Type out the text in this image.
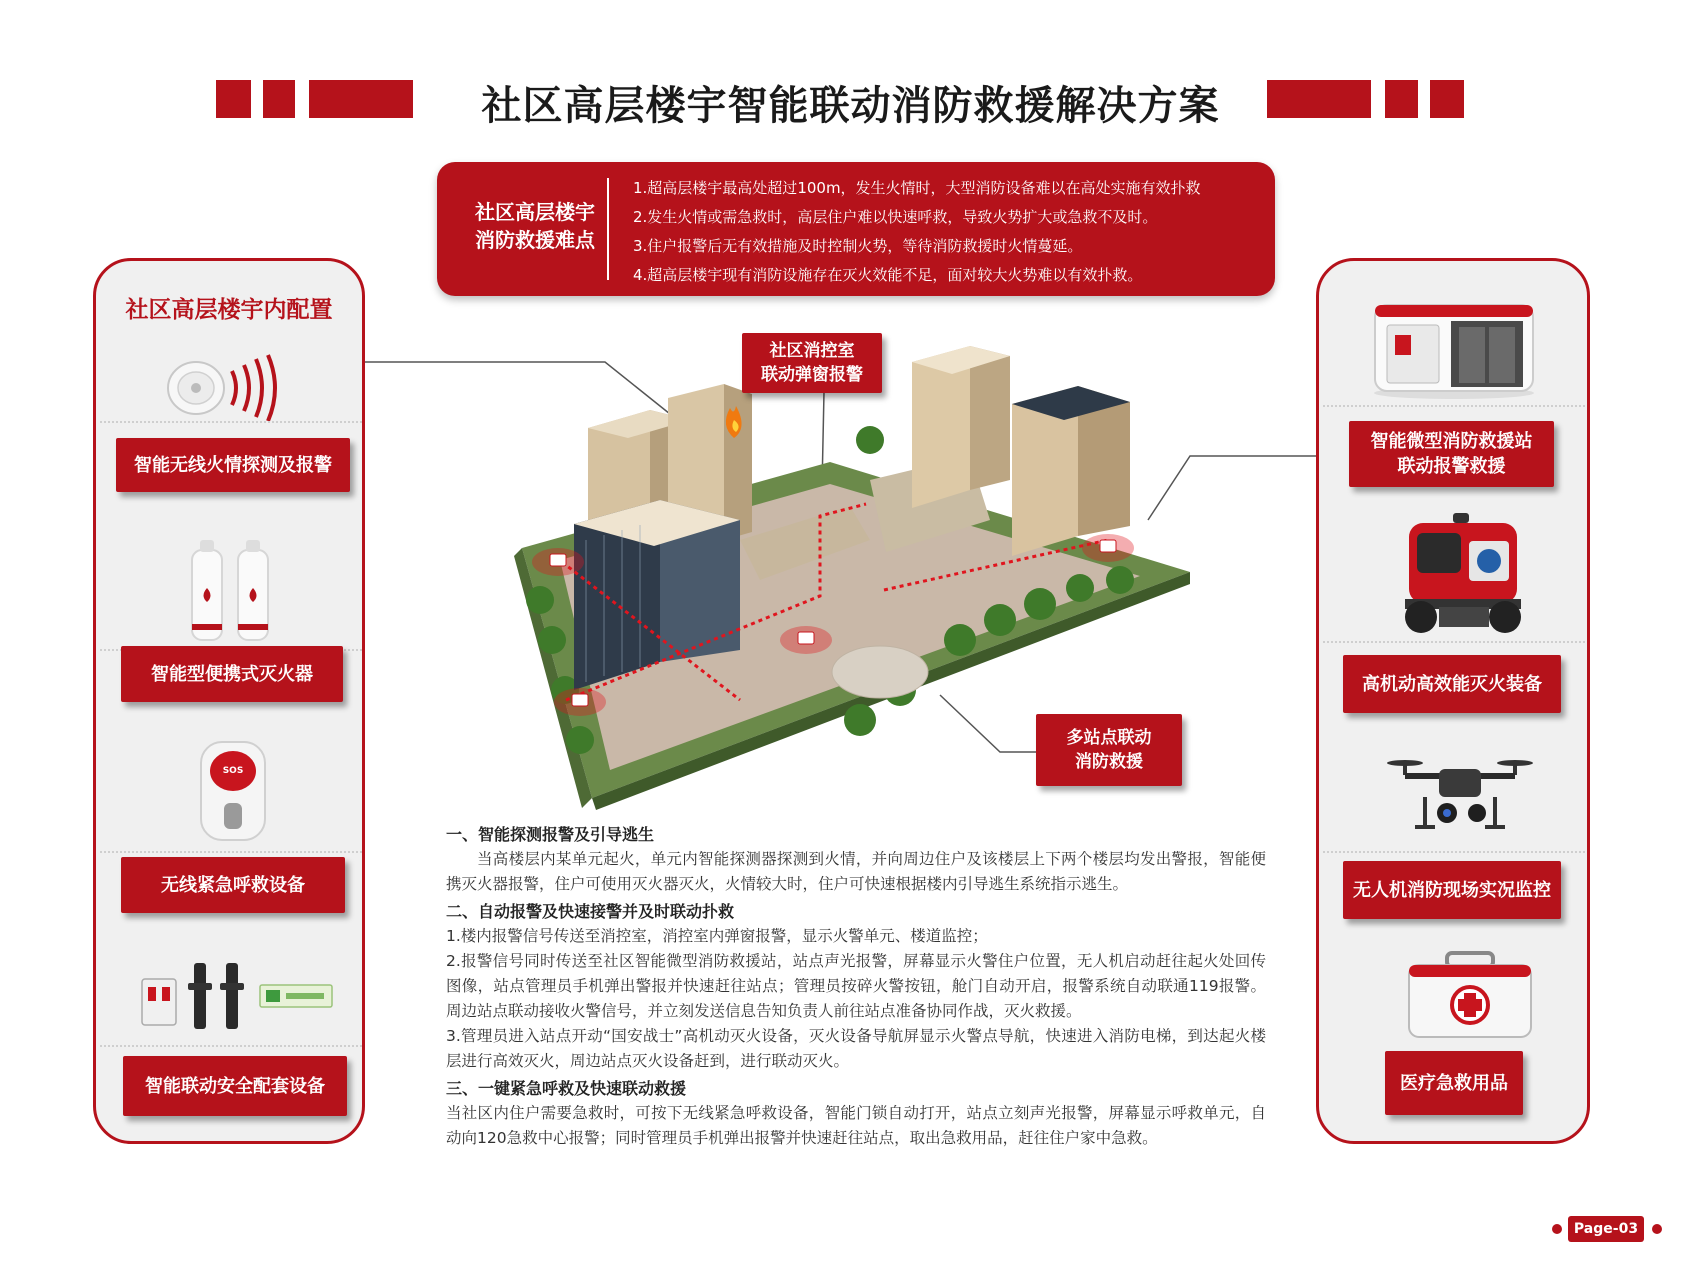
社区高层楼宇智能联动消防救援解决方案
社区高层楼宇
消防救援难点
1.超高层楼宇最高处超过100m，发生火情时，大型消防设备难以在高处实施有效扑救
2.发生火情或需急救时，高层住户难以快速呼救，导致火势扩大或急救不及时。
3.住户报警后无有效措施及时控制火势，等待消防救援时火情蔓延。
4.超高层楼宇现有消防设施存在灭火效能不足，面对较大火势难以有效扑救。
社区高层楼宇内配置
智能无线火情探测及报警
智能型便携式灭火器
SOS
无线紧急呼救设备
智能联动安全配套设备
智能微型消防救援站
联动报警救援
高机动高效能灭火装备
无人机消防现场实况监控
医疗急救用品
社区消控室
联动弹窗报警
多站点联动
消防救援
一、智能探测报警及引导逃生

当高楼层内某单元起火，单元内智能探测器探测到火情，并向周边住户及该楼层上下两个楼层均发出警报，智能便携灭火器报警，住户可使用灭火器灭火，火情较大时，住户可快速根据楼内引导逃生系统指示逃生。

二、自动报警及快速接警并及时联动扑救

1.楼内报警信号传送至消控室，消控室内弹窗报警，显示火警单元、楼道监控；

2.报警信号同时传送至社区智能微型消防救援站，站点声光报警，屏幕显示火警住户位置，无人机启动赶往起火处回传图像，站点管理员手机弹出警报并快速赶往站点；管理员按碎火警按钮，舱门自动开启，报警系统自动联通119报警。周边站点联动接收火警信号，并立刻发送信息告知负责人前往站点准备协同作战，灭火救援。

3.管理员进入站点开动“国安战士”高机动灭火设备，灭火设备导航屏显示火警点导航，快速进入消防电梯，到达起火楼层进行高效灭火，周边站点灭火设备赶到，进行联动灭火。

三、一键紧急呼救及快速联动救援

当社区内住户需要急救时，可按下无线紧急呼救设备，智能门锁自动打开，站点立刻声光报警，屏幕显示呼救单元，自动向120急救中心报警；同时管理员手机弹出报警并快速赶往站点，取出急救用品，赶往住户家中急救。

Page-03
